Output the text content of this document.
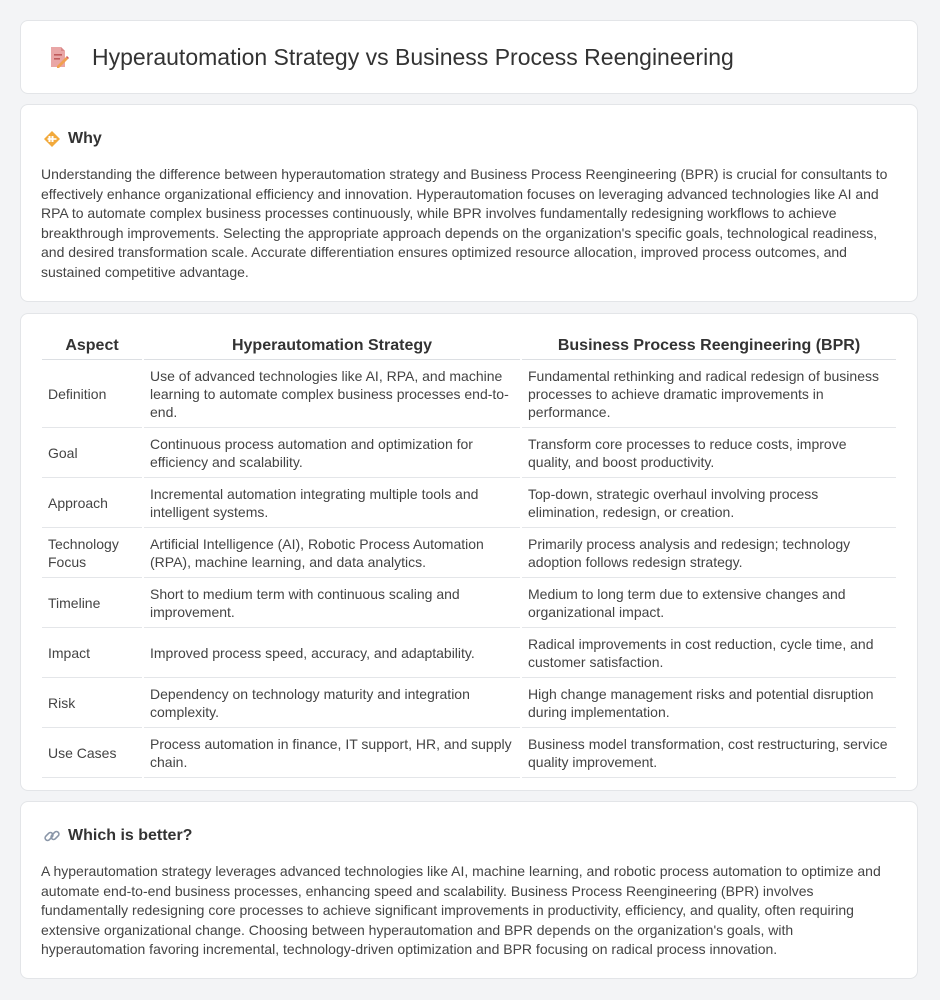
Hyperautomation Strategy vs Business Process Reengineering
Why

Understanding the difference between hyperautomation strategy and Business Process Reengineering (BPR) is crucial for consultants to effectively enhance organizational efficiency and innovation. Hyperautomation focuses on leveraging advanced technologies like AI and RPA to automate complex business processes continuously, while BPR involves fundamentally redesigning workflows to achieve breakthrough improvements. Selecting the appropriate approach depends on the organization's specific goals, technological readiness, and desired transformation scale. Accurate differentiation ensures optimized resource allocation, improved process outcomes, and sustained competitive advantage.

Aspect	Hyperautomation Strategy	Business Process Reengineering (BPR)
Definition	Use of advanced technologies like AI, RPA, and machine learning to automate complex business processes end-to-end.	Fundamental rethinking and radical redesign of business processes to achieve dramatic improvements in performance.
Goal	Continuous process automation and optimization for efficiency and scalability.	Transform core processes to reduce costs, improve quality, and boost productivity.
Approach	Incremental automation integrating multiple tools and intelligent systems.	Top-down, strategic overhaul involving process elimination, redesign, or creation.
Technology Focus	Artificial Intelligence (AI), Robotic Process Automation (RPA), machine learning, and data analytics.	Primarily process analysis and redesign; technology adoption follows redesign strategy.
Timeline	Short to medium term with continuous scaling and improvement.	Medium to long term due to extensive changes and organizational impact.
Impact	Improved process speed, accuracy, and adaptability.	Radical improvements in cost reduction, cycle time, and customer satisfaction.
Risk	Dependency on technology maturity and integration complexity.	High change management risks and potential disruption during implementation.
Use Cases	Process automation in finance, IT support, HR, and supply chain.	Business model transformation, cost restructuring, service quality improvement.
Which is better?

A hyperautomation strategy leverages advanced technologies like AI, machine learning, and robotic process automation to optimize and automate end-to-end business processes, enhancing speed and scalability. Business Process Reengineering (BPR) involves fundamentally redesigning core processes to achieve significant improvements in productivity, efficiency, and quality, often requiring extensive organizational change. Choosing between hyperautomation and BPR depends on the organization's goals, with hyperautomation favoring incremental, technology-driven optimization and BPR focusing on radical process innovation.
